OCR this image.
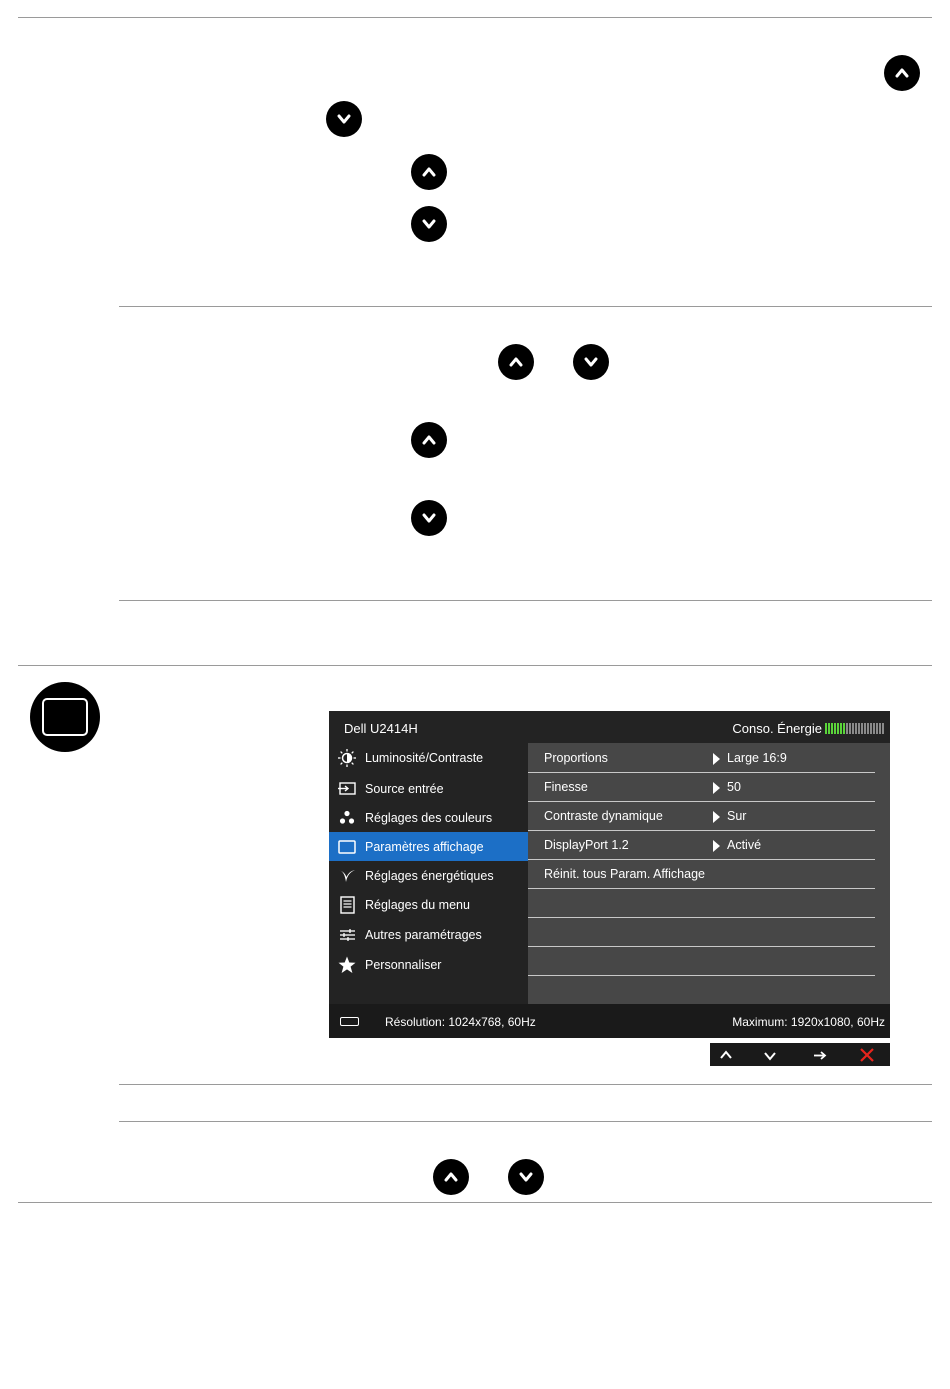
Dell U2414H	Conso. Énergie
Luminosité/Contraste
Source entrée
Réglages des couleurs
Paramètres affichage
Réglages énergétiques
Réglages du menu
Autres paramétrages
Personnaliser
Proportions	Large 16:9
Finesse	50
Contraste dynamique	Sur
DisplayPort 1.2	Activé
Réinit. tous Param. Affichage
Résolution: 1024x768, 60Hz	Maximum: 1920x1080, 60Hz
